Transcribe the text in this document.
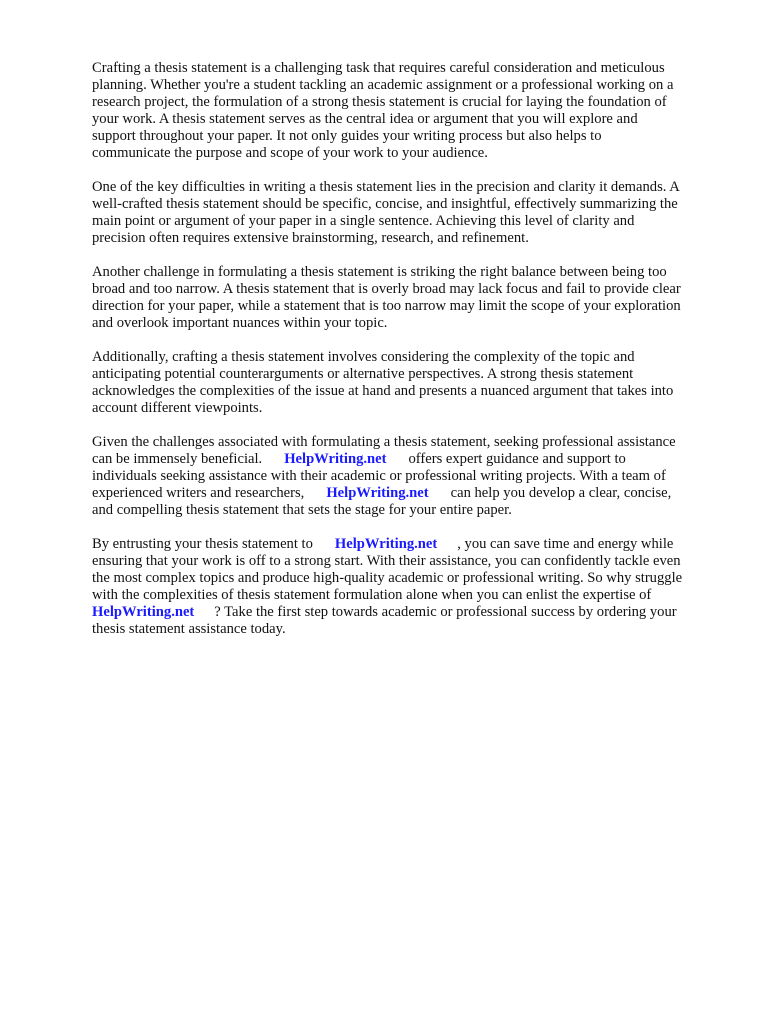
Crafting a thesis statement is a challenging task that requires careful consideration and meticulous
planning. Whether you're a student tackling an academic assignment or a professional working on a
research project, the formulation of a strong thesis statement is crucial for laying the foundation of
your work. A thesis statement serves as the central idea or argument that you will explore and
support throughout your paper. It not only guides your writing process but also helps to
communicate the purpose and scope of your work to your audience.

One of the key difficulties in writing a thesis statement lies in the precision and clarity it demands. A
well-crafted thesis statement should be specific, concise, and insightful, effectively summarizing the
main point or argument of your paper in a single sentence. Achieving this level of clarity and
precision often requires extensive brainstorming, research, and refinement.

Another challenge in formulating a thesis statement is striking the right balance between being too
broad and too narrow. A thesis statement that is overly broad may lack focus and fail to provide clear
direction for your paper, while a statement that is too narrow may limit the scope of your exploration
and overlook important nuances within your topic.

Additionally, crafting a thesis statement involves considering the complexity of the topic and
anticipating potential counterarguments or alternative perspectives. A strong thesis statement
acknowledges the complexities of the issue at hand and presents a nuanced argument that takes into
account different viewpoints.

Given the challenges associated with formulating a thesis statement, seeking professional assistance
can be immensely beneficial. HelpWriting.net offers expert guidance and support to
individuals seeking assistance with their academic or professional writing projects. With a team of
experienced writers and researchers, HelpWriting.net can help you develop a clear, concise,
and compelling thesis statement that sets the stage for your entire paper.

By entrusting your thesis statement to HelpWriting.net , you can save time and energy while
ensuring that your work is off to a strong start. With their assistance, you can confidently tackle even
the most complex topics and produce high-quality academic or professional writing. So why struggle
with the complexities of thesis statement formulation alone when you can enlist the expertise of
HelpWriting.net ? Take the first step towards academic or professional success by ordering your
thesis statement assistance today.
